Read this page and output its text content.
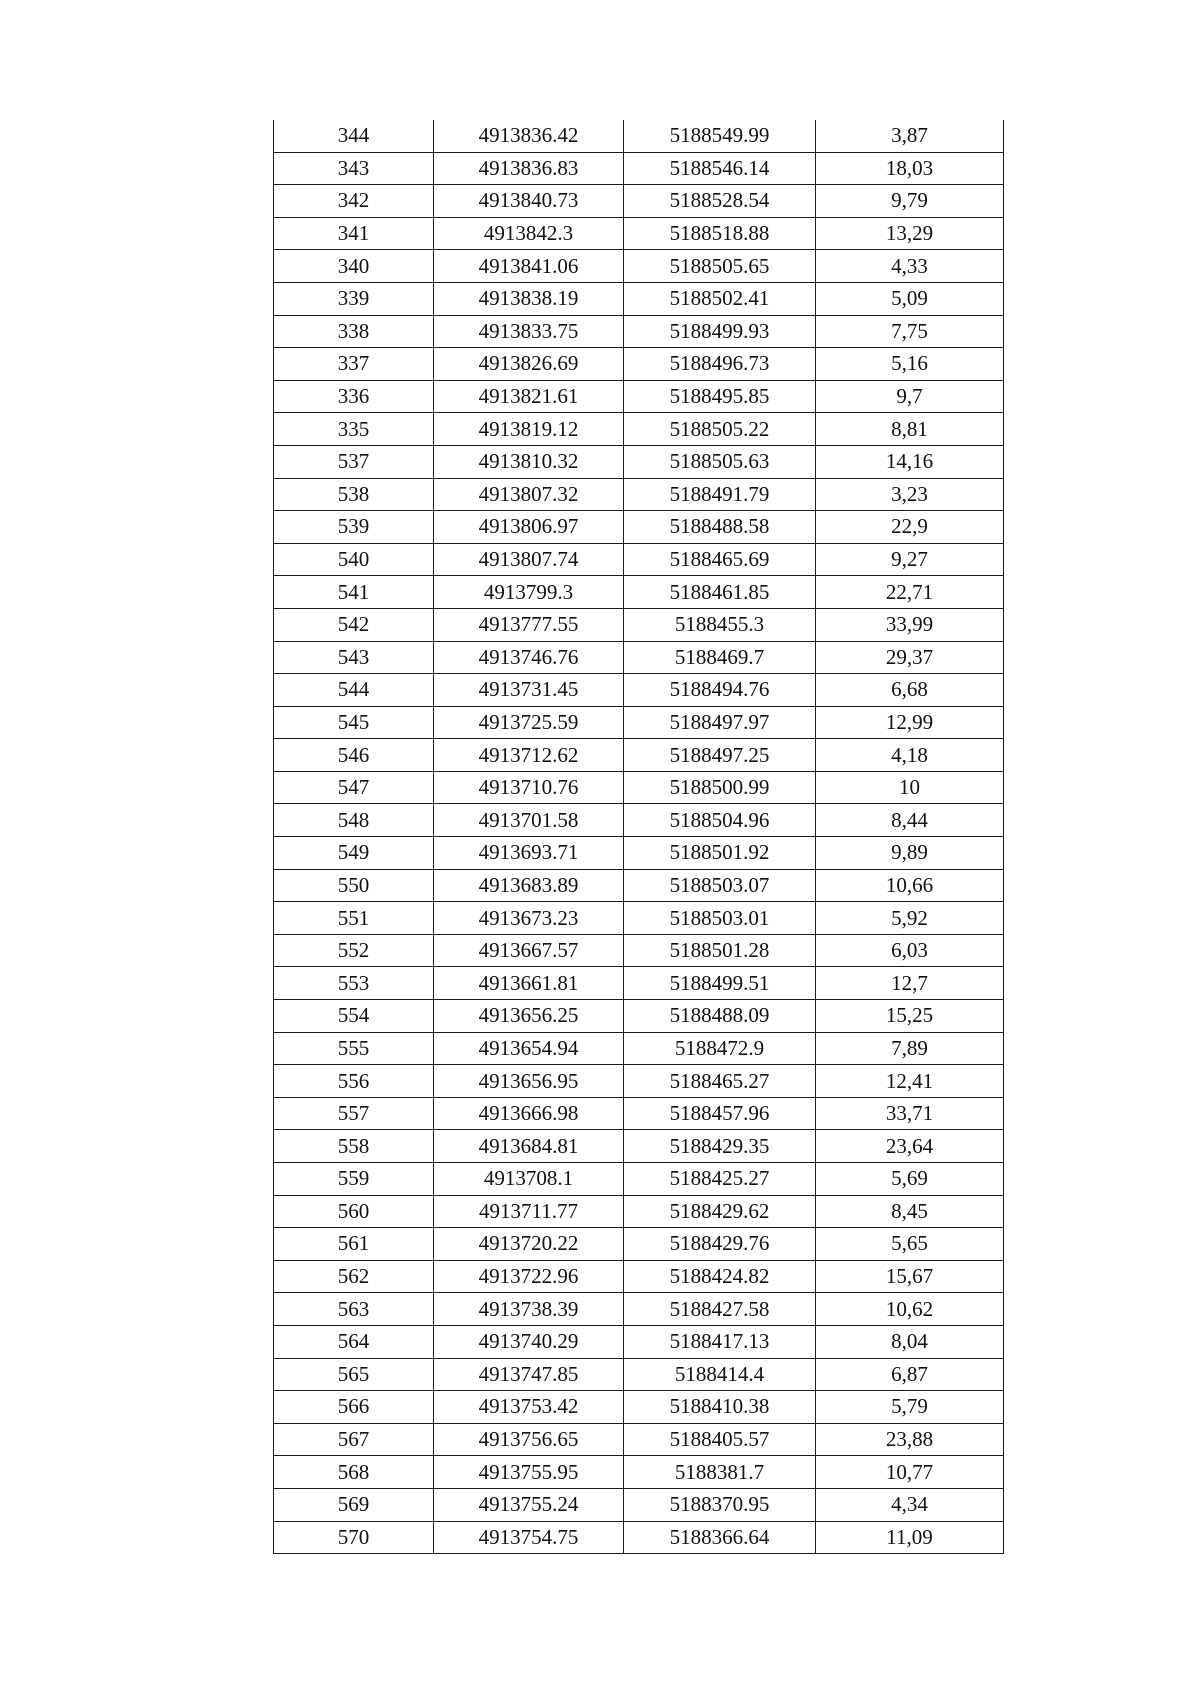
344	4913836.42	5188549.99	3,87
343	4913836.83	5188546.14	18,03
342	4913840.73	5188528.54	9,79
341	4913842.3	5188518.88	13,29
340	4913841.06	5188505.65	4,33
339	4913838.19	5188502.41	5,09
338	4913833.75	5188499.93	7,75
337	4913826.69	5188496.73	5,16
336	4913821.61	5188495.85	9,7
335	4913819.12	5188505.22	8,81
537	4913810.32	5188505.63	14,16
538	4913807.32	5188491.79	3,23
539	4913806.97	5188488.58	22,9
540	4913807.74	5188465.69	9,27
541	4913799.3	5188461.85	22,71
542	4913777.55	5188455.3	33,99
543	4913746.76	5188469.7	29,37
544	4913731.45	5188494.76	6,68
545	4913725.59	5188497.97	12,99
546	4913712.62	5188497.25	4,18
547	4913710.76	5188500.99	10
548	4913701.58	5188504.96	8,44
549	4913693.71	5188501.92	9,89
550	4913683.89	5188503.07	10,66
551	4913673.23	5188503.01	5,92
552	4913667.57	5188501.28	6,03
553	4913661.81	5188499.51	12,7
554	4913656.25	5188488.09	15,25
555	4913654.94	5188472.9	7,89
556	4913656.95	5188465.27	12,41
557	4913666.98	5188457.96	33,71
558	4913684.81	5188429.35	23,64
559	4913708.1	5188425.27	5,69
560	4913711.77	5188429.62	8,45
561	4913720.22	5188429.76	5,65
562	4913722.96	5188424.82	15,67
563	4913738.39	5188427.58	10,62
564	4913740.29	5188417.13	8,04
565	4913747.85	5188414.4	6,87
566	4913753.42	5188410.38	5,79
567	4913756.65	5188405.57	23,88
568	4913755.95	5188381.7	10,77
569	4913755.24	5188370.95	4,34
570	4913754.75	5188366.64	11,09
